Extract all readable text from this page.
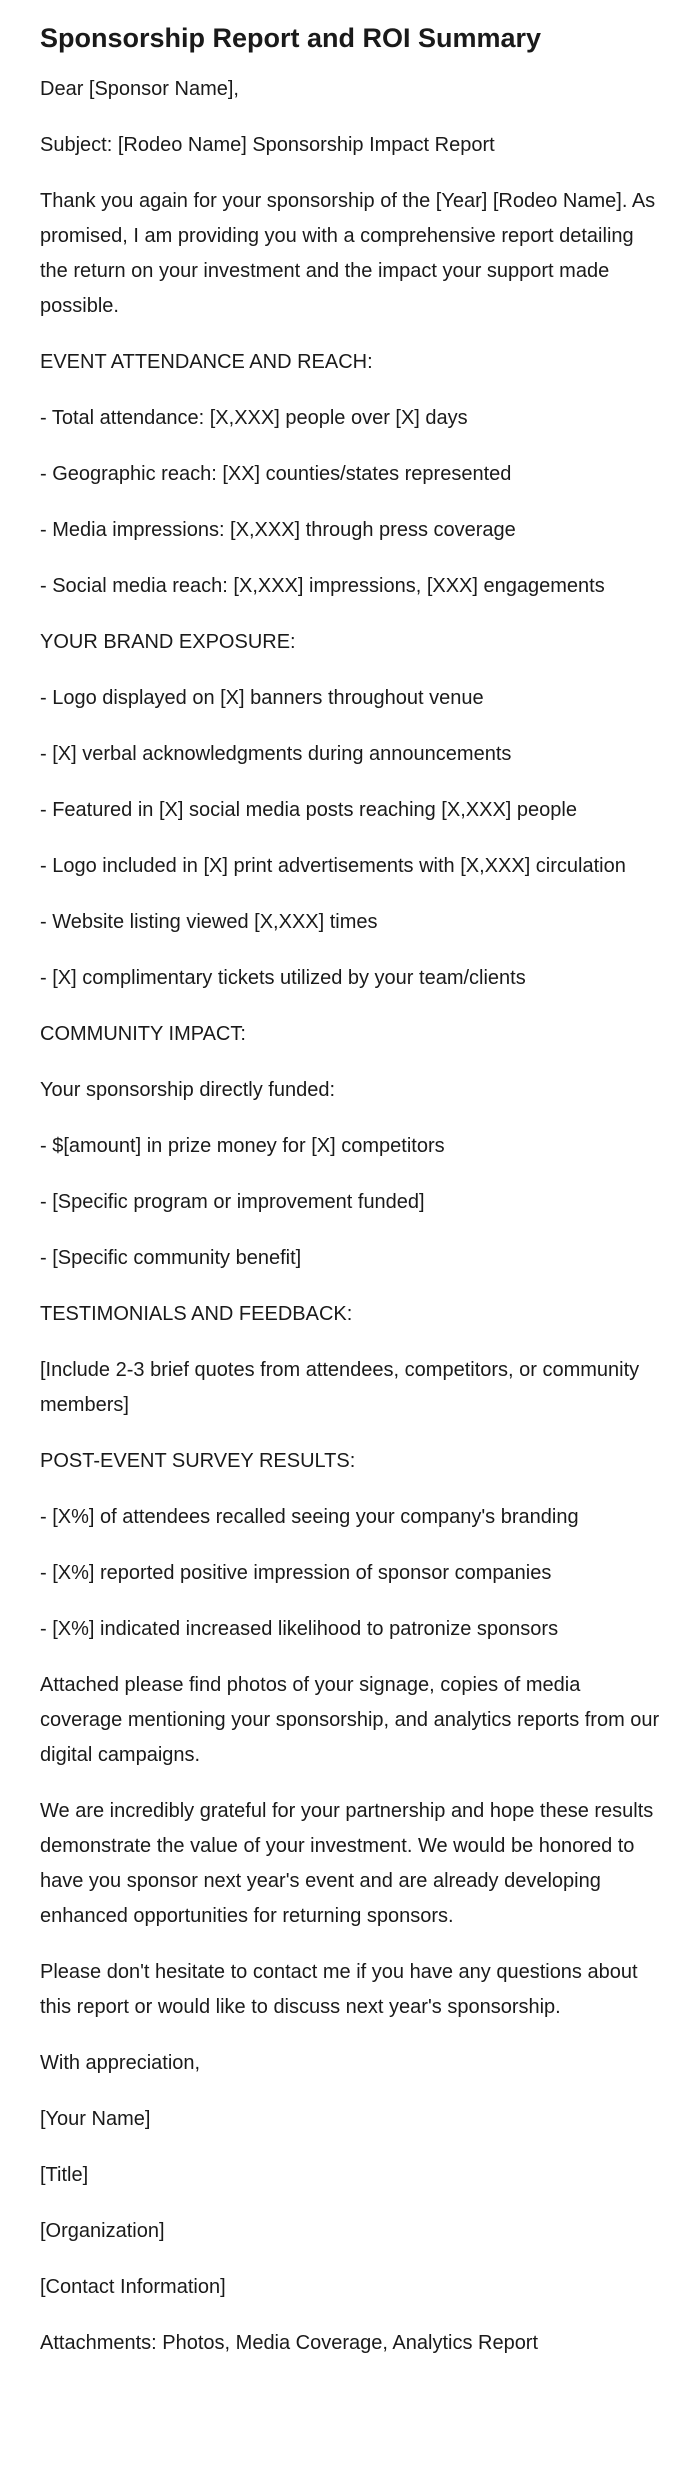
Sponsorship Report and ROI Summary

Dear [Sponsor Name],

Subject: [Rodeo Name] Sponsorship Impact Report

Thank you again for your sponsorship of the [Year] [Rodeo Name]. As promised, I am providing you with a comprehensive report detailing the return on your investment and the impact your support made possible.

EVENT ATTENDANCE AND REACH:

- Total attendance: [X,XXX] people over [X] days

- Geographic reach: [XX] counties/states represented

- Media impressions: [X,XXX] through press coverage

- Social media reach: [X,XXX] impressions, [XXX] engagements

YOUR BRAND EXPOSURE:

- Logo displayed on [X] banners throughout venue

- [X] verbal acknowledgments during announcements

- Featured in [X] social media posts reaching [X,XXX] people

- Logo included in [X] print advertisements with [X,XXX] circulation

- Website listing viewed [X,XXX] times

- [X] complimentary tickets utilized by your team/clients

COMMUNITY IMPACT:

Your sponsorship directly funded:

- $[amount] in prize money for [X] competitors

- [Specific program or improvement funded]

- [Specific community benefit]

TESTIMONIALS AND FEEDBACK:

[Include 2-3 brief quotes from attendees, competitors, or community members]

POST-EVENT SURVEY RESULTS:

- [X%] of attendees recalled seeing your company's branding

- [X%] reported positive impression of sponsor companies

- [X%] indicated increased likelihood to patronize sponsors

Attached please find photos of your signage, copies of media coverage mentioning your sponsorship, and analytics reports from our digital campaigns.

We are incredibly grateful for your partnership and hope these results demonstrate the value of your investment. We would be honored to have you sponsor next year's event and are already developing enhanced opportunities for returning sponsors.

Please don't hesitate to contact me if you have any questions about this report or would like to discuss next year's sponsorship.

With appreciation,

[Your Name]

[Title]

[Organization]

[Contact Information]

Attachments: Photos, Media Coverage, Analytics Report
